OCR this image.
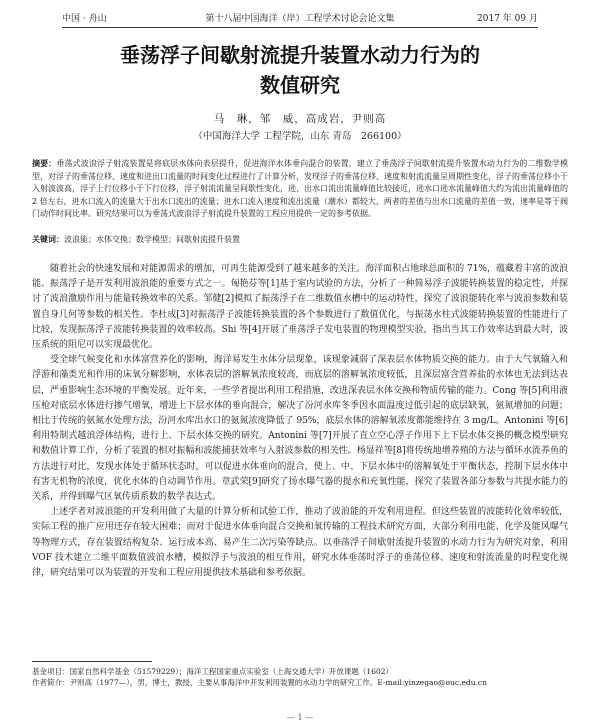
中国 · 舟山	第十八届中国海洋（岸）工程学术讨论会论文集	2017 年 09 月
垂荡浮子间歇射流提升装置水动力行为的
数值研究
马　琳，邹　威，高成岩，尹则高
（中国海洋大学 工程学院，山东 青岛　266100）
摘要：垂荡式波浪浮子射流装置是将底层水体向表层提升，促进海洋水体垂向混合的装置，建立了垂荡浮子间歇射流提升装置水动力行为的二维数学模型，对浮子的垂荡位移、速度和进出口流量的时间变化过程进行了计算分析，发现浮子的垂荡位移、速度和射流流量呈周期性变化，浮子的垂荡位移小于入射波波高，浮子上行位移小于下行位移，浮子射流流量呈间歇性变化，进、出水口流出流量峰值比较接近，进水口进水流量峰值大约为流出流量峰值的 2 倍左右，进水口流入的流量大于出水口流出的流量；进水口流入速度和流出流量（潮水）都较大，两者的差值与出水口流量的差值一致，速率是等于阀门动作时间比率。研究结果可以为垂荡式波浪浮子射流提升装置的工程应用提供一定的参考依据。
关键词：波浪能；水体交换；数学模型；间歇射流提升装置

随着社会的快速发展和对能源需求的增加，可再生能源受到了越来越多的关注。海洋面积占地球总面积的 71%，蕴藏着丰富的波浪能。振荡浮子是开发利用波浪能的重要方式之一。匈艳芬等[1]基于室内试验的方法，分析了一种简易浮子波能转换装置的稳定性，并探讨了波浪激励作用与能量转换效率的关系。邹健[2]模拟了振荡浮子在二维数值水槽中的运动特性，探究了波浪能转化率与波浪参数和装置自身几何等参数的相关性。李杜成[3]对振荡浮子波能转换装置的各个参数进行了数值优化，与振荡水柱式波能转换装置的性能进行了比较，发现振荡浮子波能转换装置的效率较高。Shi 等[4]开展了垂荡浮子发电装置的物理模型实验，指出当其工作效率达到最大时，波压系统的阻尼可以实现最优化。

受全球气候变化和水体富营养化的影响，海洋易发生水体分层现象，该现象减弱了深表层水体物质交换的能力。由于大气氧输入和浮游和藻类光和作用的床氧分解影响，水体表层的溶解氧浓度较高，而底层的溶解氧浓度较低，且深层富含营养盐的水体也无法到达表层，严重影响生态环境的平衡发展。近年来，一些学者提出利用工程措施，改进深表层水体交换和物质传输的能力。Cong 等[5]利用液压枪对底层水体进行掺气增氧，增进上下层水体的垂向混合，解决了汾河水库冬季因水面温度过低引起的底层缺氧，氨氮增加的问题；相比于传统的氨氮水处理方法，汾河水库出水口的氨氮浓度降低了 95%，底层水体的溶解氧浓度都能维持在 3 mg/L。Antonini 等[6]利用特制式越浪浮体结构，进行上、下层水体交换的研究。Antonini 等[7]开展了直立空心浮子作用下上下层水体交换的概念模型研究和数值计算工作，分析了装置的相对振幅和波能捕获效率与入射波参数的相关性。杨显祥等[8]将传统地增养殖的方法与循环水流养鱼的方法进行对比，发现水体处于循环状态时，可以促进水体垂向的混合，使上、中、下层水体中的溶解氧处于平衡状态，控制下层水体中有害无机物的浓度，优化水体的自动调节作用。章武荣[9]研究了扬水曝气器的提水和充氧性能，探究了装置各部分参数与共提水能力的关系，并得到曝气区氧传质系数的数学表达式。

上述学者对波浪能的开发利用做了大量的计算分析和试验工作，推动了波浪能的开发利用进程。但这些装置的波能转化效率较低，实际工程的推广应用还存在较大困难；而对于促进水体垂向混合交换和氧传输的工程技术研究方面，大部分利用电能、化学及能风曝气等物理方式，存在装置结构复杂、运行成本高、易产生二次污染等缺点。以垂荡浮子间歇射流提升装置的水动力行为为研究对象，利用 VOF 技术建立二维平面数值波浪水槽，模拟浮子与波浪的相互作用，研究水体垂荡时浮子的垂荡位移、速度和射流流量的时程变化规律，研究结果可以为装置的开发和工程应用提供技术基础和参考依据。

基金项目：国家自然科学基金（51579229）；海洋工程国家重点实验室（上海交通大学）开放课题（1602）
作者简介：尹则高（1977—），男，博士，教授，主要从事海洋中开发利用装置的水动力学的研究工作。E-mail:yinzegao@ouc.edu.cn
— 1 —
